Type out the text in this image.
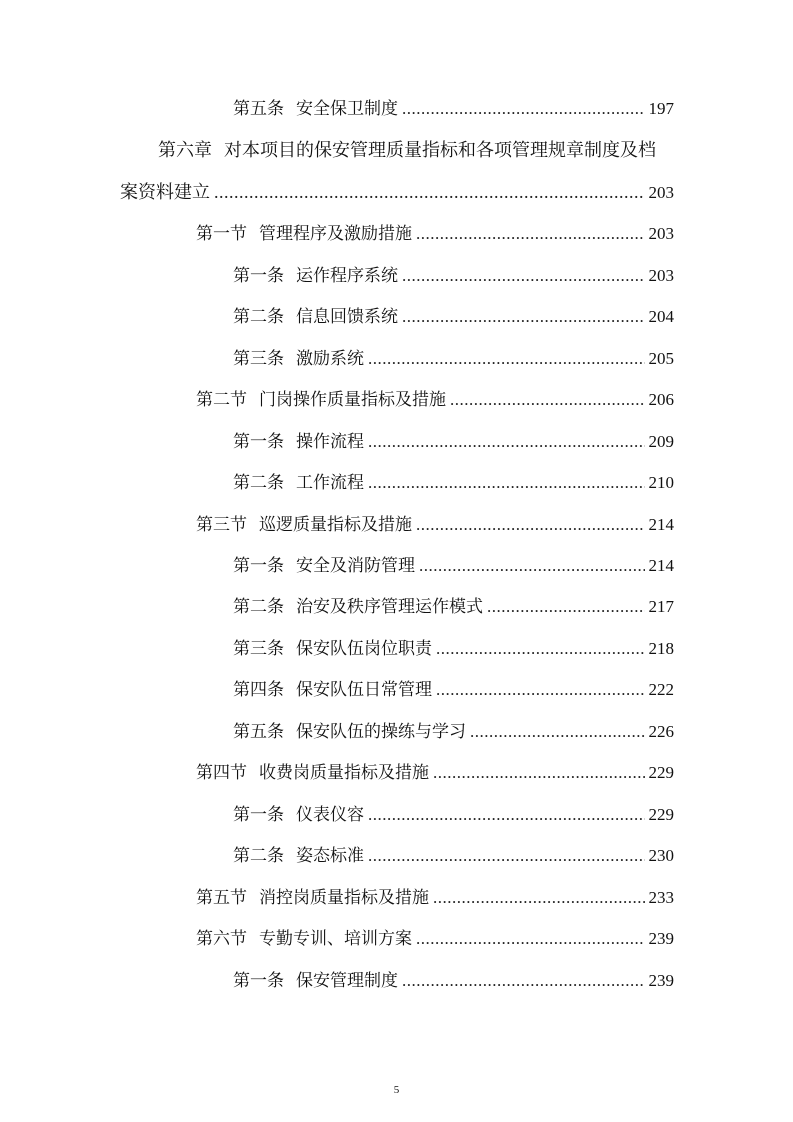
第五条 安全保卫制度 .....	197
第六章 对本项目的保安管理质量指标和各项管理规章制度及档
案资料建立 .....	203
第一节 管理程序及激励措施 .....	203
第一条 运作程序系统 .....	203
第二条 信息回馈系统 .....	204
第三条 激励系统 .....	205
第二节 门岗操作质量指标及措施 .....	206
第一条 操作流程 .....	209
第二条 工作流程 .....	210
第三节 巡逻质量指标及措施 .....	214
第一条 安全及消防管理 .....	214
第二条 治安及秩序管理运作模式 .....	217
第三条 保安队伍岗位职责 .....	218
第四条 保安队伍日常管理 .....	222
第五条 保安队伍的操练与学习 .....	226
第四节 收费岗质量指标及措施 .....	229
第一条 仪表仪容 .....	229
第二条 姿态标准 .....	230
第五节 消控岗质量指标及措施 .....	233
第六节 专勤专训、培训方案 .....	239
第一条 保安管理制度 .....	239
5
